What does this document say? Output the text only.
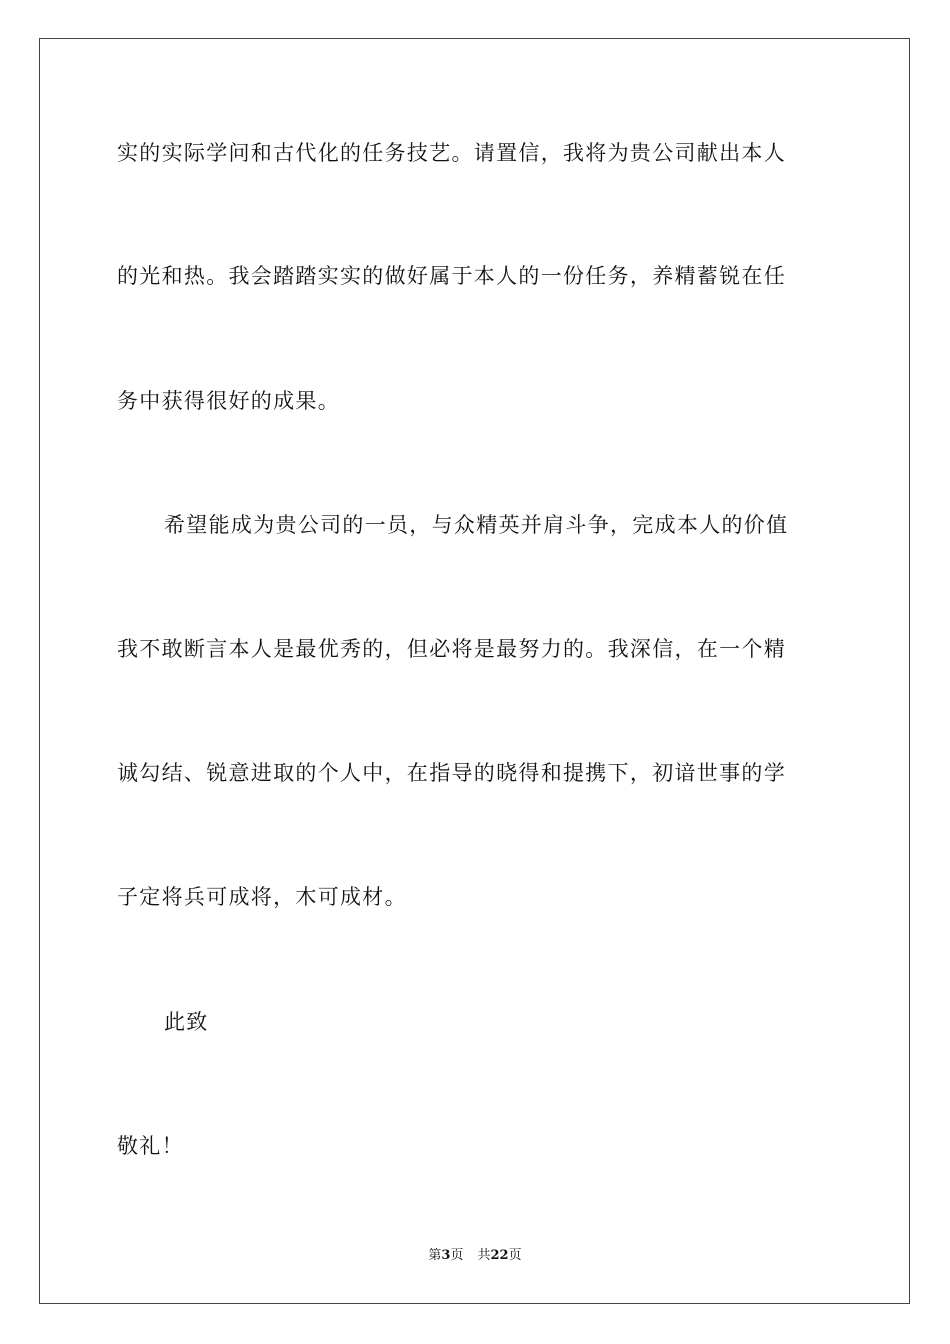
实的实际学问和古代化的任务技艺。请置信，我将为贵公司献出本人
的光和热。我会踏踏实实的做好属于本人的一份任务，养精蓄锐在任
务中获得很好的成果。
希望能成为贵公司的一员，与众精英并肩斗争，完成本人的价值
我不敢断言本人是最优秀的，但必将是最努力的。我深信，在一个精
诚勾结、锐意进取的个人中，在指导的晓得和提携下，初谙世事的学
子定将兵可成将，木可成材。
此致
敬礼！
第3页 共22页
